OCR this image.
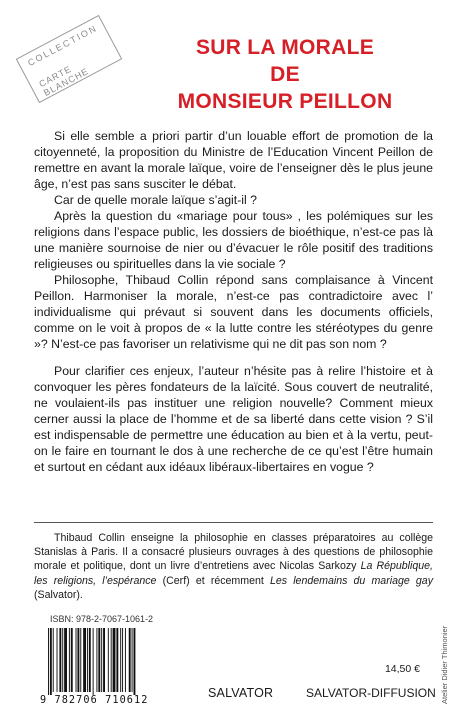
COLLECTION
CARTE BLANCHE
SUR LA MORALE
DE
MONSIEUR PEILLON

Si elle semble a priori partir d’un louable effort de promotion de la citoyenneté, la proposition du Ministre de l’Education Vincent Peillon de remettre en avant la morale laïque, voire de l’enseigner dès le plus jeune âge, n’est pas sans susciter le débat.

Car de quelle morale laïque s’agit-il ?

Après la question du «mariage pour tous» , les polémiques sur les religions dans l’espace public, les dossiers de bioéthique, n’est-ce pas là une manière sournoise de nier ou d’évacuer le rôle positif des traditions religieuses ou spirituelles dans la vie sociale ?

Philosophe, Thibaud Collin répond sans complaisance à Vincent Peillon. Harmoniser la morale, n’est-ce pas contradictoire avec l’ individualisme qui prévaut si souvent dans les documents officiels, comme on le voit à propos de « la lutte contre les stéréotypes du genre »? N’est-ce pas favoriser un relativisme qui ne dit pas son nom ?

Pour clarifier ces enjeux, l’auteur n’hésite pas à relire l’histoire et à convoquer les pères fondateurs de la laïcité. Sous couvert de neutralité, ne voulaient-ils pas instituer une religion nouvelle? Comment mieux cerner aussi la place de l’homme et de sa liberté dans cette vision ? S’il est indispensable de permettre une éducation au bien et à la vertu, peut-on le faire en tournant le dos à une recherche de ce qu’est l’être humain et surtout en cédant aux idéaux libéraux-libertaires en vogue ?

Thibaud Collin enseigne la philosophie en classes préparatoires au collège Stanislas à Paris. Il a consacré plusieurs ouvrages à des questions de philosophie morale et politique, dont un livre d’entretiens avec Nicolas Sarkozy La République, les religions, l’espérance (Cerf) et récemment Les lendemains du mariage gay (Salvator).

ISBN: 978-2-7067-1061-2
9 782706 710612
SALVATOR
14,50 €
SALVATOR-DIFFUSION Atelier Didier Thimonier
